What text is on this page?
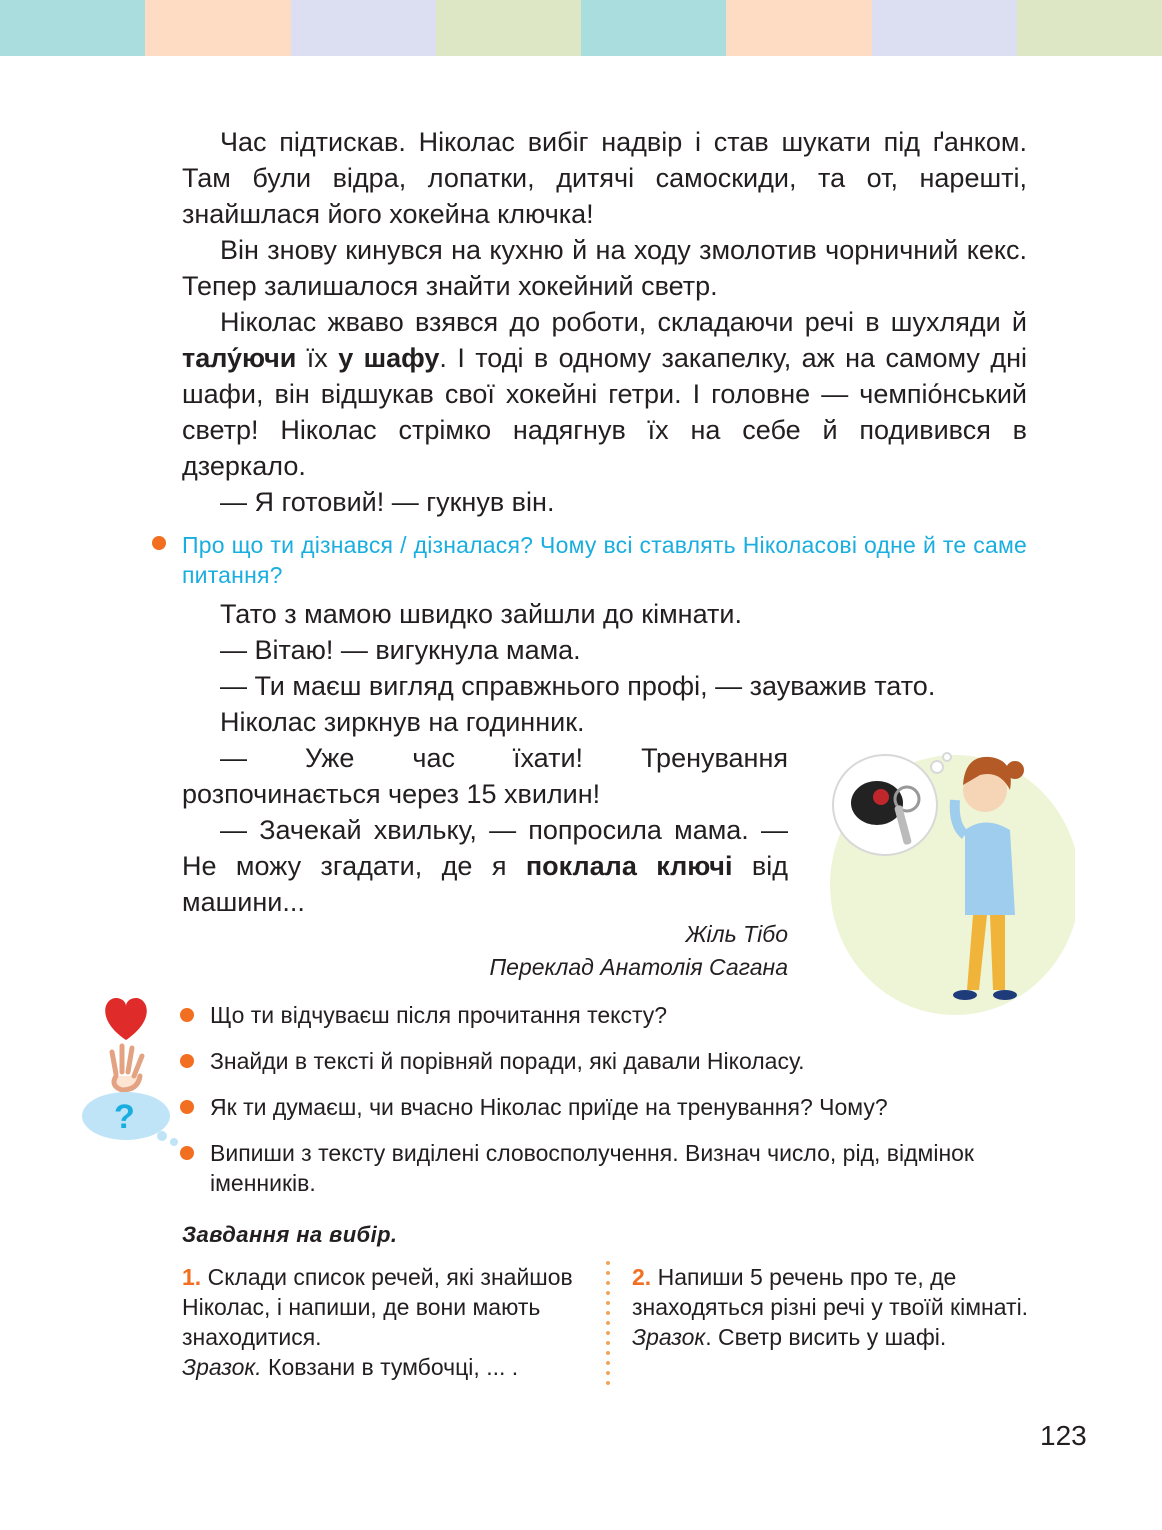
Час підтискав. Ніколас вибіг надвір і став шукати під ґанком. Там були відра, лопатки, дитячі самоскиди, та от, нарешті, знайшлася його хокейна ключка!

Він знову кинувся на кухню й на ходу змолотив чорничний кекс. Тепер залишалося знайти хокейний светр.

Ніколас жваво взявся до роботи, складаючи речі в шухляди й талу́ючи їх у шафу. І тоді в одному закапелку, аж на самому дні шафи, він відшукав свої хокейні гетри. І головне — чемпіо́нський светр! Ніколас стрімко надягнув їх на себе й подивився в дзеркало.

— Я готовий! — гукнув він.

Про що ти дізнався / дізналася? Чому всі ставлять Ніколасові одне й те саме питання?

Тато з мамою швидко зайшли до кімнати.

— Вітаю! — вигукнула мама.

— Ти маєш вигляд справжнього профі, — зауважив тато.

Ніколас зиркнув на годинник.

— Уже час їхати! Тренування розпочинається через 15 хвилин!

— Зачекай хвильку, — попросила мама. — Не можу згадати, де я поклала ключі від машини...

Жіль Тібо
Переклад Анатолія Сагана
?
Що ти відчуваєш після прочитання тексту?
Знайди в тексті й порівняй поради, які давали Ніколасу.
Як ти думаєш, чи вчасно Ніколас приїде на тренування? Чому?
Випиши з тексту виділені словосполучення. Визнач число, рід, відмінок іменників.
Завдання на вибір.
1. Склади список речей, які знайшов Ніколас, і напиши, де вони мають знаходитися.
Зразок. Ковзани в тумбочці, ... .
2. Напиши 5 речень про те, де знаходяться різні речі у твоїй кімнаті.
Зразок. Светр висить у шафі.
123
